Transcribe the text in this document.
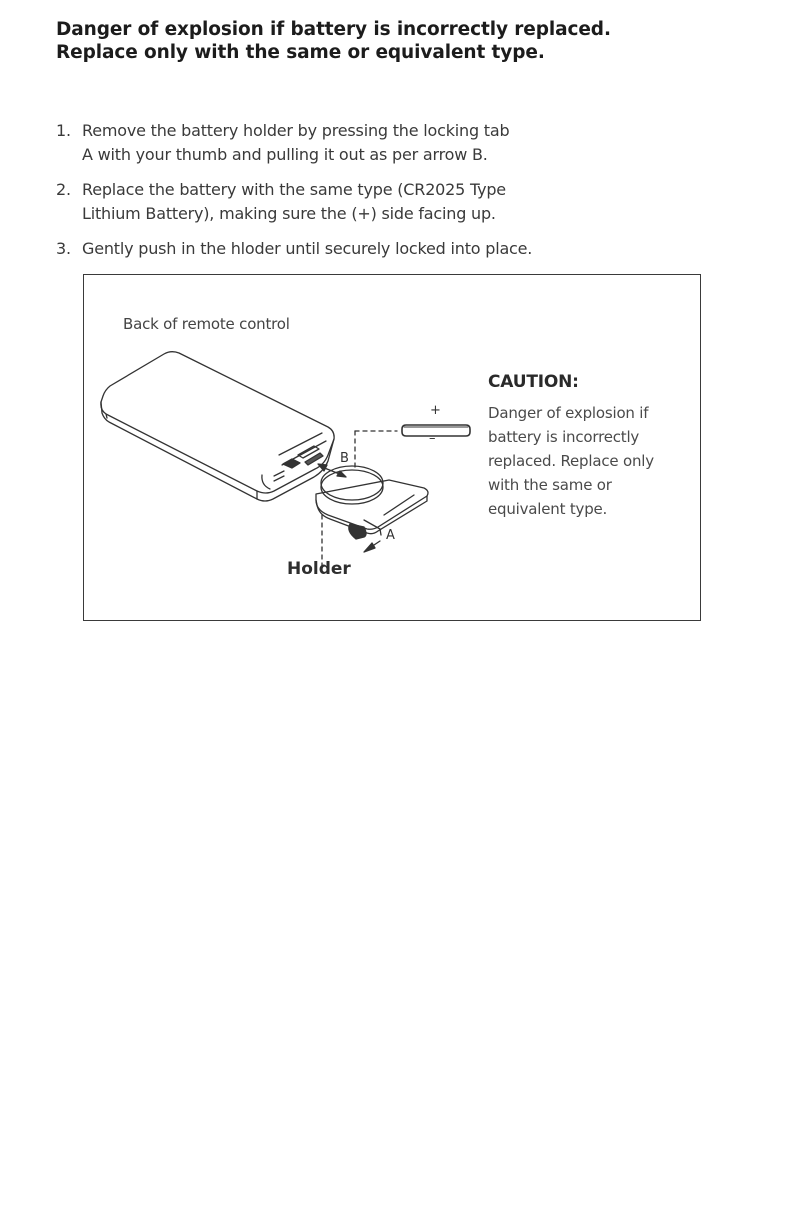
Danger of explosion if battery is incorrectly replaced.
Replace only with the same or equivalent type.
1. Remove the battery holder by pressing the locking tab
A with your thumb and pulling it out as per arrow B.
2. Replace the battery with the same type (CR2025 Type
Lithium Battery), making sure the (+) side facing up.
3. Gently push in the hloder until securely locked into place.
Back of remote control
+
–
B
A
Holder
CAUTION:
Danger of explosion if
battery is incorrectly
replaced. Replace only
with the same or
equivalent type.
